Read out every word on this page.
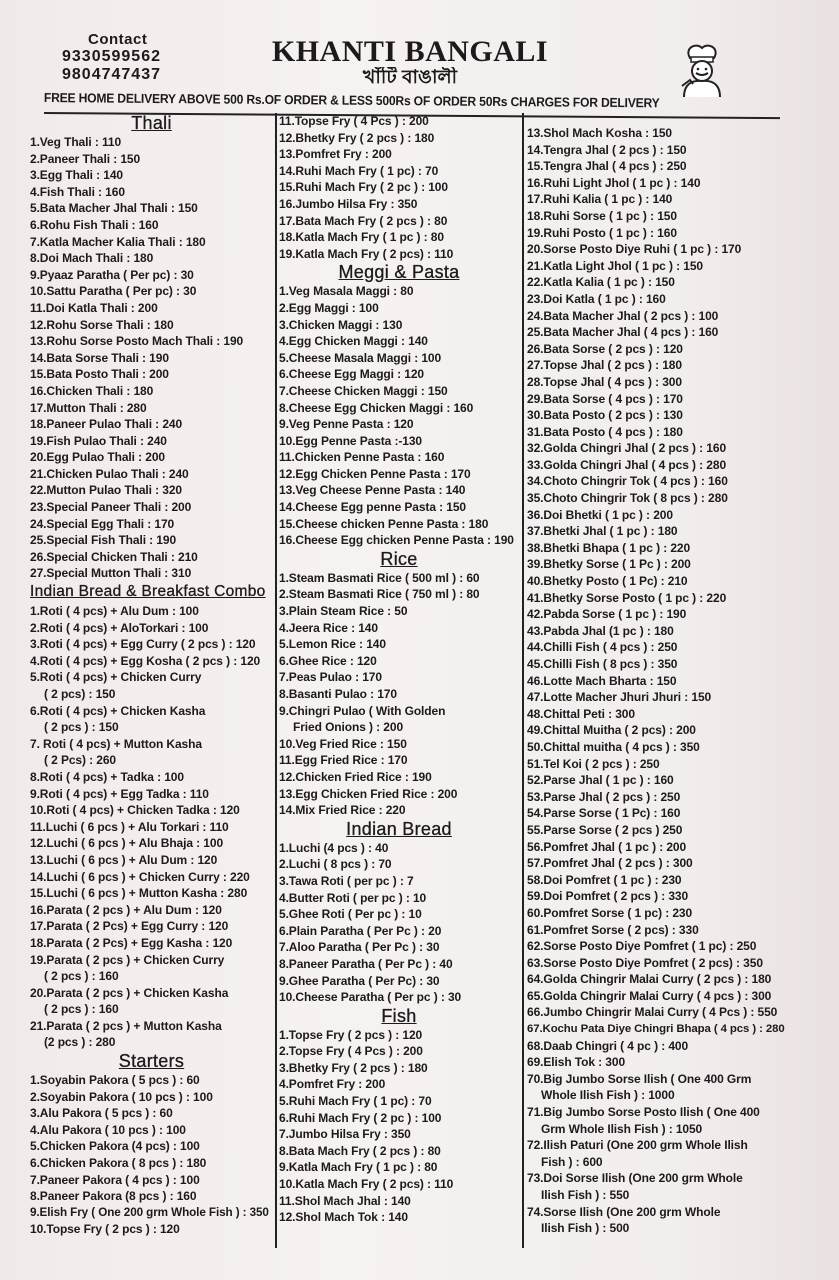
Contact
9330599562
9804747437
KHANTI BANGALI
খাঁটি বাঙালী
FREE HOME DELIVERY ABOVE 500 Rs.OF ORDER & LESS 500Rs OF ORDER 50Rs CHARGES FOR DELIVERY
Thali
1.Veg Thali : 110
2.Paneer Thali : 150
3.Egg Thali : 140
4.Fish Thali : 160
5.Bata Macher Jhal Thali : 150
6.Rohu Fish Thali : 160
7.Katla Macher Kalia Thali : 180
8.Doi Mach Thali : 180
9.Pyaaz Paratha ( Per pc) : 30
10.Sattu Paratha ( Per pc) : 30
11.Doi Katla Thali : 200
12.Rohu Sorse Thali : 180
13.Rohu Sorse Posto Mach Thali : 190
14.Bata Sorse Thali : 190
15.Bata Posto Thali : 200
16.Chicken Thali : 180
17.Mutton Thali : 280
18.Paneer Pulao Thali : 240
19.Fish Pulao Thali : 240
20.Egg Pulao Thali : 200
21.Chicken Pulao Thali : 240
22.Mutton Pulao Thali : 320
23.Special Paneer Thali : 200
24.Special Egg Thali : 170
25.Special Fish Thali : 190
26.Special Chicken Thali : 210
27.Special Mutton Thali : 310
Indian Bread & Breakfast Combo
1.Roti ( 4 pcs) + Alu Dum : 100
2.Roti ( 4 pcs) + AloTorkari : 100
3.Roti ( 4 pcs) + Egg Curry ( 2 pcs ) : 120
4.Roti ( 4 pcs) + Egg Kosha ( 2 pcs ) : 120
5.Roti ( 4 pcs) + Chicken Curry
( 2 pcs) : 150
6.Roti ( 4 pcs) + Chicken Kasha
( 2 pcs ) : 150
7. Roti ( 4 pcs) + Mutton Kasha
( 2 Pcs) : 260
8.Roti ( 4 pcs) + Tadka : 100
9.Roti ( 4 pcs) + Egg Tadka : 110
10.Roti ( 4 pcs) + Chicken Tadka : 120
11.Luchi ( 6 pcs ) + Alu Torkari : 110
12.Luchi ( 6 pcs ) + Alu Bhaja : 100
13.Luchi ( 6 pcs ) + Alu Dum : 120
14.Luchi ( 6 pcs ) + Chicken Curry : 220
15.Luchi ( 6 pcs ) + Mutton Kasha : 280
16.Parata ( 2 pcs ) + Alu Dum : 120
17.Parata ( 2 Pcs) + Egg Curry : 120
18.Parata ( 2 Pcs) + Egg Kasha : 120
19.Parata ( 2 pcs ) + Chicken Curry
( 2 pcs ) : 160
20.Parata ( 2 pcs ) + Chicken Kasha
( 2 pcs ) : 160
21.Parata ( 2 pcs ) + Mutton Kasha
(2 pcs ) : 280
Starters
1.Soyabin Pakora ( 5 pcs ) : 60
2.Soyabin Pakora ( 10 pcs ) : 100
3.Alu Pakora ( 5 pcs ) : 60
4.Alu Pakora ( 10 pcs ) : 100
5.Chicken Pakora (4 pcs) : 100
6.Chicken Pakora ( 8 pcs ) : 180
7.Paneer Pakora ( 4 pcs ) : 100
8.Paneer Pakora (8 pcs ) : 160
9.Elish Fry ( One 200 grm Whole Fish ) : 350
10.Topse Fry ( 2 pcs ) : 120
11.Topse Fry ( 4 Pcs ) : 200
12.Bhetky Fry ( 2 pcs ) : 180
13.Pomfret Fry : 200
14.Ruhi Mach Fry ( 1 pc) : 70
15.Ruhi Mach Fry ( 2 pc ) : 100
16.Jumbo Hilsa Fry : 350
17.Bata Mach Fry ( 2 pcs ) : 80
18.Katla Mach Fry ( 1 pc ) : 80
19.Katla Mach Fry ( 2 pcs) : 110
Meggi & Pasta
1.Veg Masala Maggi : 80
2.Egg Maggi : 100
3.Chicken Maggi : 130
4.Egg Chicken Maggi : 140
5.Cheese Masala Maggi : 100
6.Cheese Egg Maggi : 120
7.Cheese Chicken Maggi : 150
8.Cheese Egg Chicken Maggi : 160
9.Veg Penne Pasta : 120
10.Egg Penne Pasta :-130
11.Chicken Penne Pasta : 160
12.Egg Chicken Penne Pasta : 170
13.Veg Cheese Penne Pasta : 140
14.Cheese Egg penne Pasta : 150
15.Cheese chicken Penne Pasta : 180
16.Cheese Egg chicken Penne Pasta : 190
Rice
1.Steam Basmati Rice ( 500 ml ) : 60
2.Steam Basmati Rice ( 750 ml ) : 80
3.Plain Steam Rice : 50
4.Jeera Rice : 140
5.Lemon Rice : 140
6.Ghee Rice : 120
7.Peas Pulao : 170
8.Basanti Pulao : 170
9.Chingri Pulao ( With Golden
Fried Onions ) : 200
10.Veg Fried Rice : 150
11.Egg Fried Rice : 170
12.Chicken Fried Rice : 190
13.Egg Chicken Fried Rice : 200
14.Mix Fried Rice : 220
Indian Bread
1.Luchi (4 pcs ) : 40
2.Luchi ( 8 pcs ) : 70
3.Tawa Roti ( per pc ) : 7
4.Butter Roti ( per pc ) : 10
5.Ghee Roti ( Per pc ) : 10
6.Plain Paratha ( Per Pc ) : 20
7.Aloo Paratha ( Per Pc ) : 30
8.Paneer Paratha ( Per Pc ) : 40
9.Ghee Paratha ( Per Pc) : 30
10.Cheese Paratha ( Per pc ) : 30
Fish
1.Topse Fry ( 2 pcs ) : 120
2.Topse Fry ( 4 Pcs ) : 200
3.Bhetky Fry ( 2 pcs ) : 180
4.Pomfret Fry : 200
5.Ruhi Mach Fry ( 1 pc) : 70
6.Ruhi Mach Fry ( 2 pc ) : 100
7.Jumbo Hilsa Fry : 350
8.Bata Mach Fry ( 2 pcs ) : 80
9.Katla Mach Fry ( 1 pc ) : 80
10.Katla Mach Fry ( 2 pcs) : 110
11.Shol Mach Jhal : 140
12.Shol Mach Tok : 140
13.Shol Mach Kosha : 150
14.Tengra Jhal ( 2 pcs ) : 150
15.Tengra Jhal ( 4 pcs ) : 250
16.Ruhi Light Jhol ( 1 pc ) : 140
17.Ruhi Kalia ( 1 pc ) : 140
18.Ruhi Sorse ( 1 pc ) : 150
19.Ruhi Posto ( 1 pc ) : 160
20.Sorse Posto Diye Ruhi ( 1 pc ) : 170
21.Katla Light Jhol ( 1 pc ) : 150
22.Katla Kalia ( 1 pc ) : 150
23.Doi Katla ( 1 pc ) : 160
24.Bata Macher Jhal ( 2 pcs ) : 100
25.Bata Macher Jhal ( 4 pcs ) : 160
26.Bata Sorse ( 2 pcs ) : 120
27.Topse Jhal ( 2 pcs ) : 180
28.Topse Jhal ( 4 pcs ) : 300
29.Bata Sorse ( 4 pcs ) : 170
30.Bata Posto ( 2 pcs ) : 130
31.Bata Posto ( 4 pcs ) : 180
32.Golda Chingri Jhal ( 2 pcs ) : 160
33.Golda Chingri Jhal ( 4 pcs ) : 280
34.Choto Chingrir Tok ( 4 pcs ) : 160
35.Choto Chingrir Tok ( 8 pcs ) : 280
36.Doi Bhetki ( 1 pc ) : 200
37.Bhetki Jhal ( 1 pc ) : 180
38.Bhetki Bhapa ( 1 pc ) : 220
39.Bhetky Sorse ( 1 Pc ) : 200
40.Bhetky Posto ( 1 Pc) : 210
41.Bhetky Sorse Posto ( 1 pc ) : 220
42.Pabda Sorse ( 1 pc ) : 190
43.Pabda Jhal (1 pc ) : 180
44.Chilli Fish ( 4 pcs ) : 250
45.Chilli Fish ( 8 pcs ) : 350
46.Lotte Mach Bharta : 150
47.Lotte Macher Jhuri Jhuri : 150
48.Chittal Peti : 300
49.Chittal Muitha ( 2 pcs) : 200
50.Chittal muitha ( 4 pcs ) : 350
51.Tel Koi ( 2 pcs ) : 250
52.Parse Jhal ( 1 pc ) : 160
53.Parse Jhal ( 2 pcs ) : 250
54.Parse Sorse ( 1 Pc) : 160
55.Parse Sorse ( 2 pcs ) 250
56.Pomfret Jhal ( 1 pc ) : 200
57.Pomfret Jhal ( 2 pcs ) : 300
58.Doi Pomfret ( 1 pc ) : 230
59.Doi Pomfret ( 2 pcs ) : 330
60.Pomfret Sorse ( 1 pc) : 230
61.Pomfret Sorse ( 2 pcs) : 330
62.Sorse Posto Diye Pomfret ( 1 pc) : 250
63.Sorse Posto Diye Pomfret ( 2 pcs) : 350
64.Golda Chingrir Malai Curry ( 2 pcs ) : 180
65.Golda Chingrir Malai Curry ( 4 pcs ) : 300
66.Jumbo Chingrir Malai Curry ( 4 Pcs ) : 550
67.Kochu Pata Diye Chingri Bhapa ( 4 pcs ) : 280
68.Daab Chingri ( 4 pc ) : 400
69.Elish Tok : 300
70.Big Jumbo Sorse Ilish ( One 400 Grm
Whole Ilish Fish ) : 1000
71.Big Jumbo Sorse Posto Ilish ( One 400
Grm Whole Ilish Fish ) : 1050
72.Ilish Paturi (One 200 grm Whole Ilish
Fish ) : 600
73.Doi Sorse Ilish (One 200 grm Whole
Ilish Fish ) : 550
74.Sorse Ilish (One 200 grm Whole
Ilish Fish ) : 500
